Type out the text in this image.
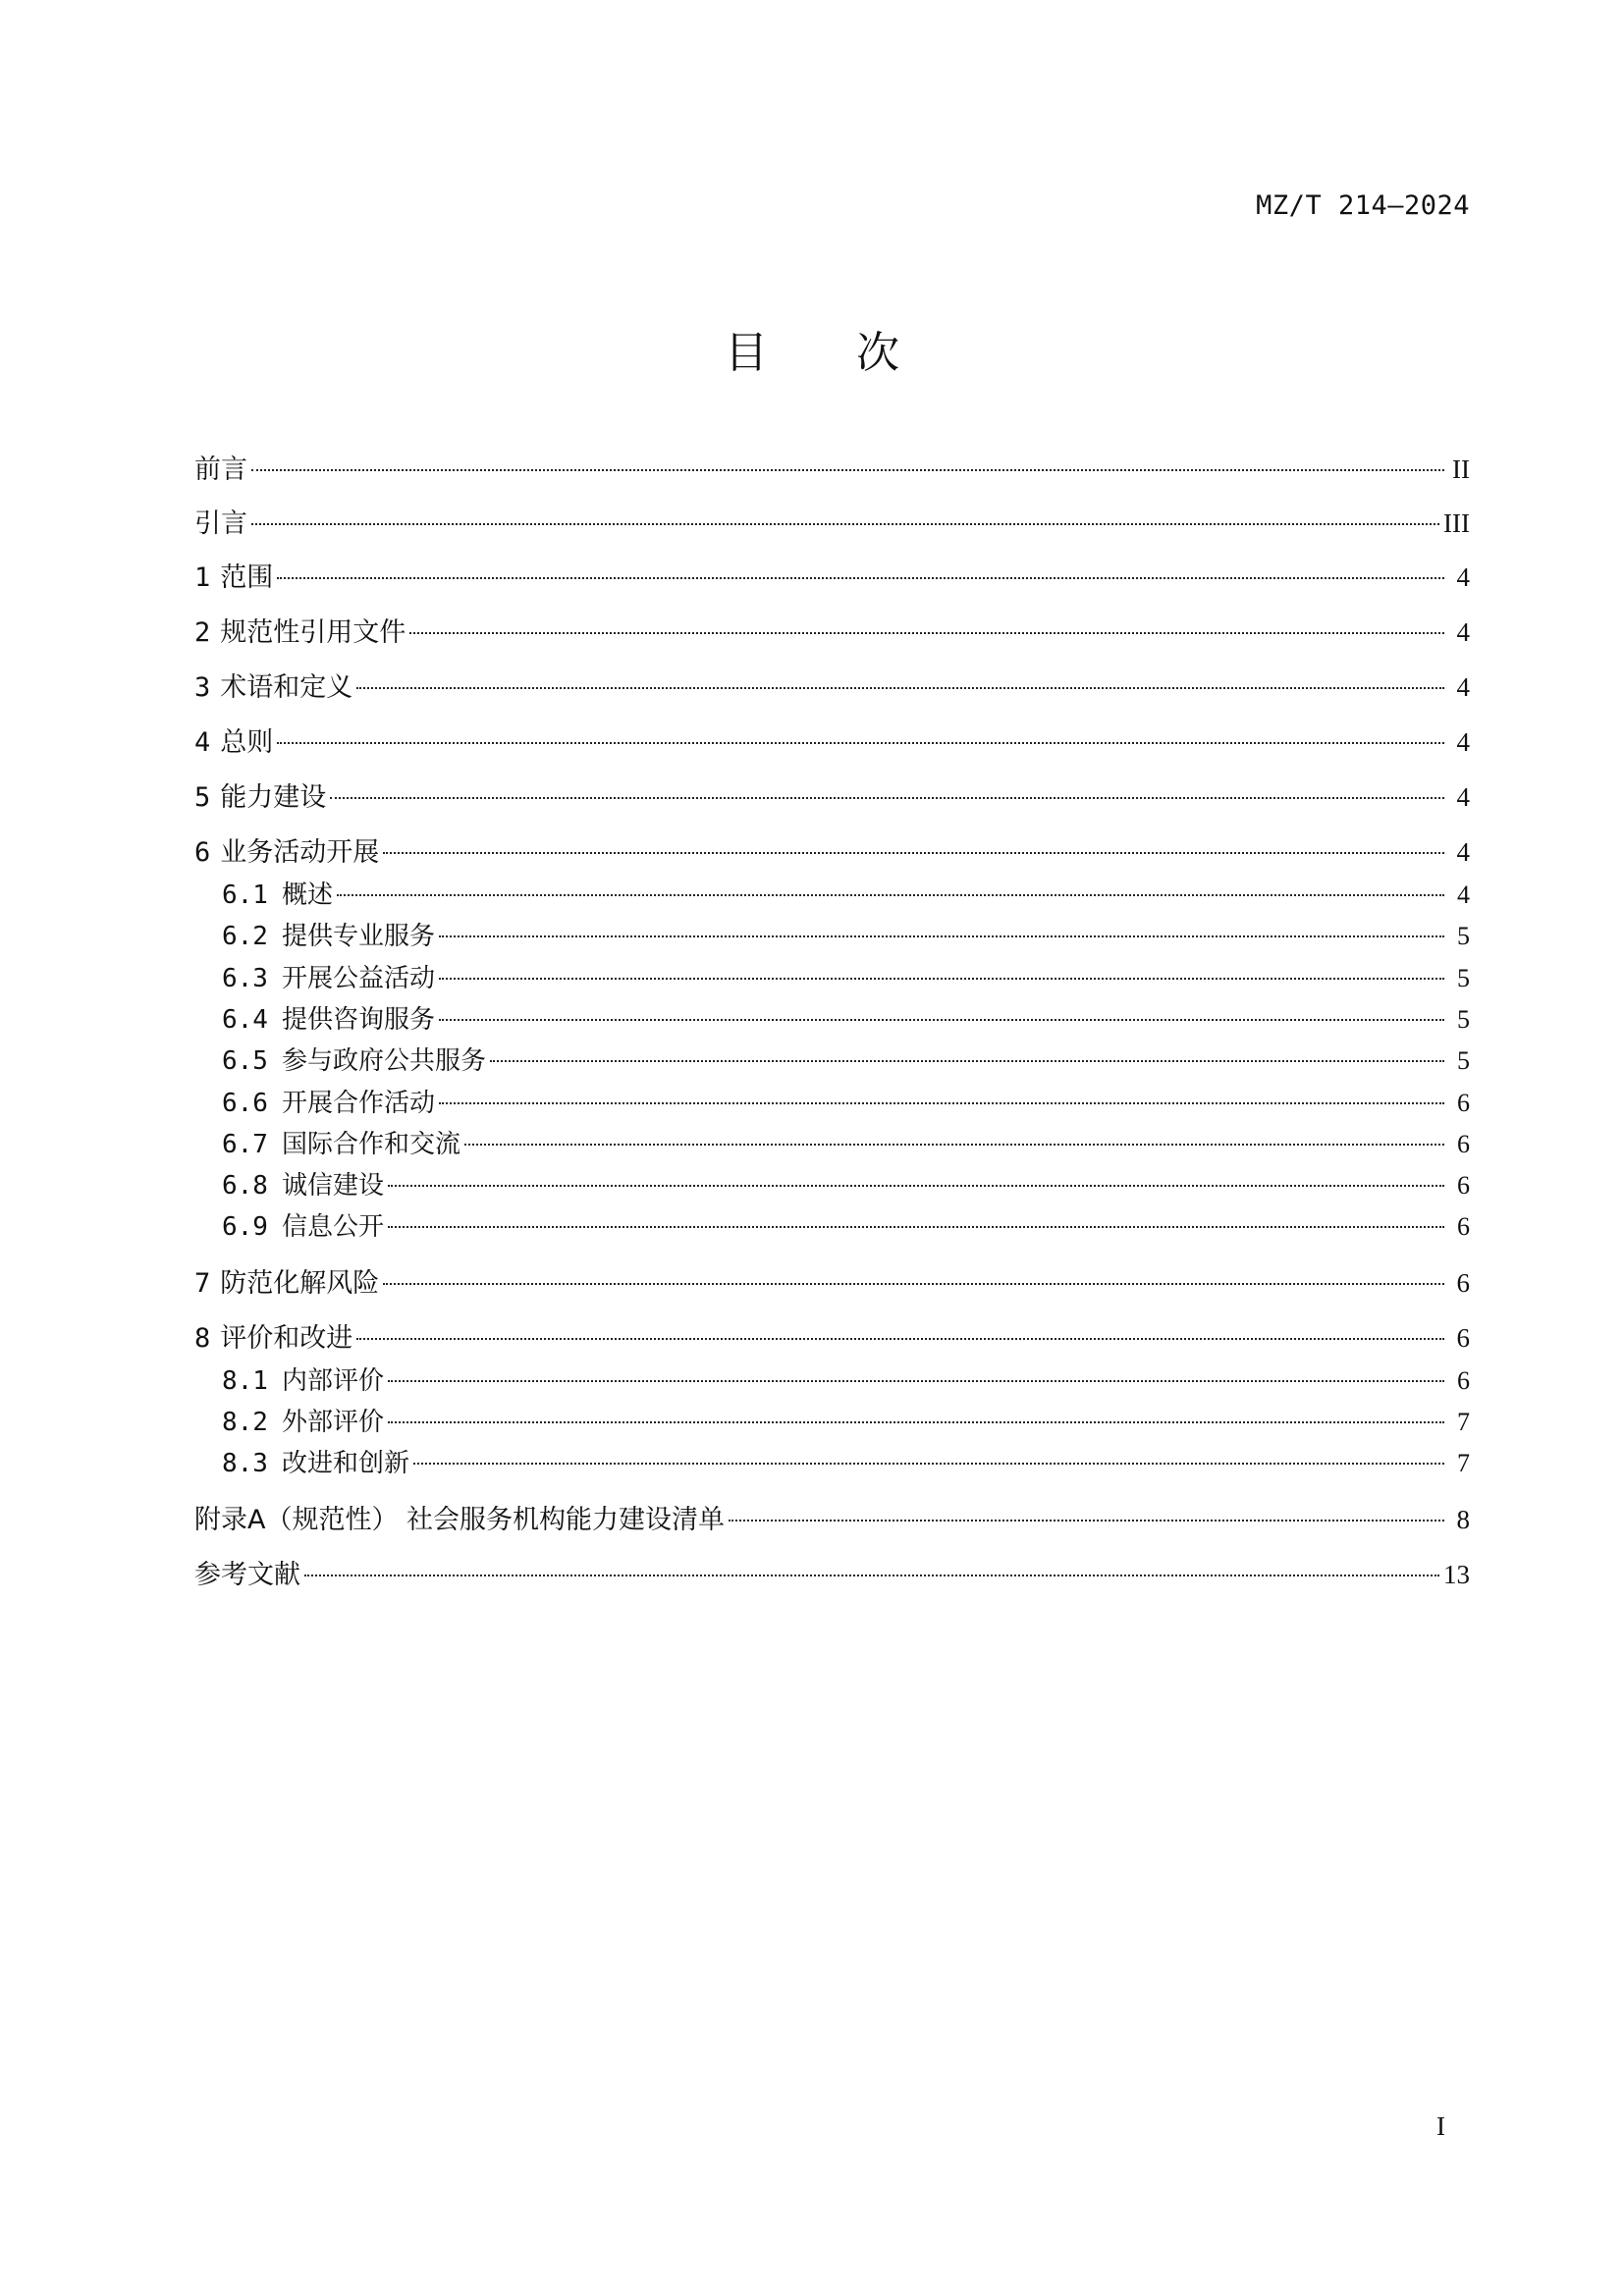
MZ/T 214—2024
目次
前言	II
引言	III
1 范围	4
2 规范性引用文件	4
3 术语和定义	4
4 总则	4
5 能力建设	4
6 业务活动开展	4
6.1 概述	4
6.2 提供专业服务	5
6.3 开展公益活动	5
6.4 提供咨询服务	5
6.5 参与政府公共服务	5
6.6 开展合作活动	6
6.7 国际合作和交流	6
6.8 诚信建设	6
6.9 信息公开	6
7 防范化解风险	6
8 评价和改进	6
8.1 内部评价	6
8.2 外部评价	7
8.3 改进和创新	7
附录A（规范性） 社会服务机构能力建设清单	8
参考文献	13
I
